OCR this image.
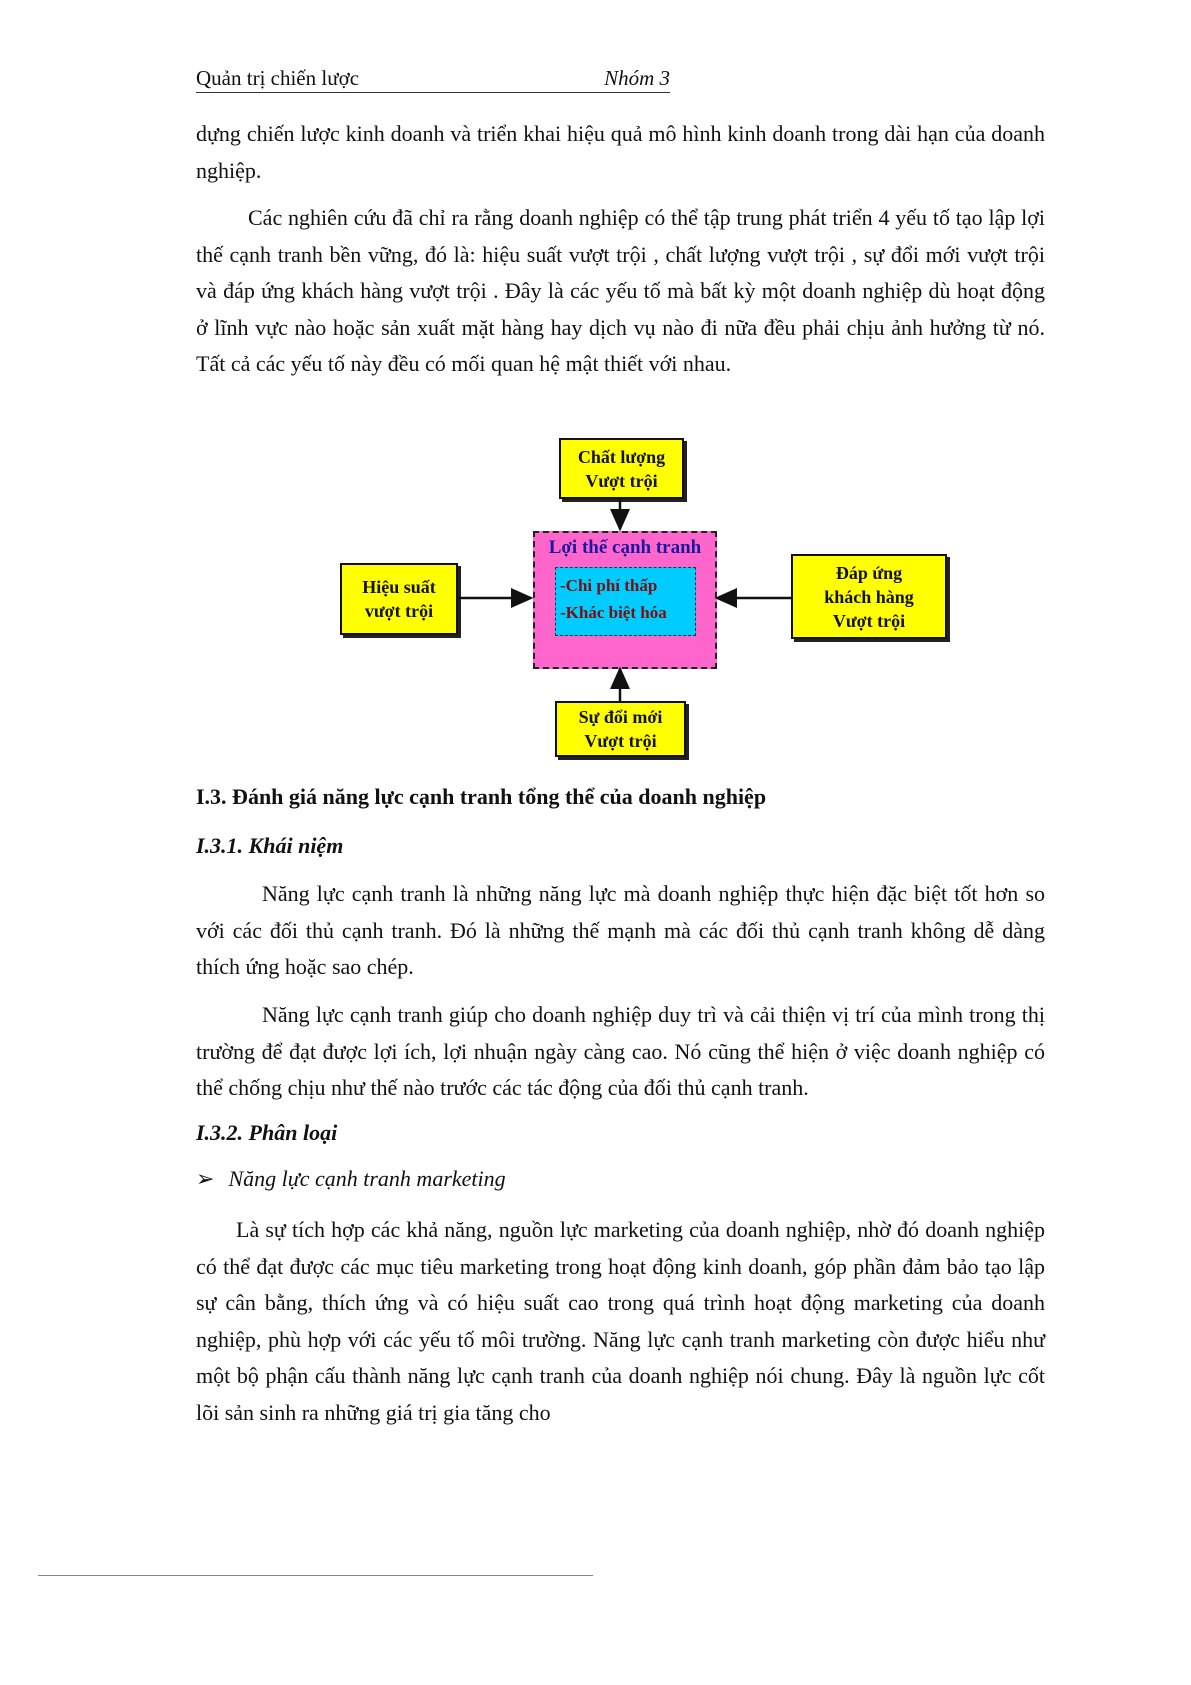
Quản trị chiến lược	Nhóm 3

dựng chiến lược kinh doanh và triển khai hiệu quả mô hình kinh doanh trong dài hạn của doanh nghiệp.

Các nghiên cứu đã chỉ ra rằng doanh nghiệp có thể tập trung phát triển 4 yếu tố tạo lập lợi thế cạnh tranh bền vững, đó là: hiệu suất vượt trội , chất lượng vượt trội , sự đổi mới vượt trội và đáp ứng khách hàng vượt trội . Đây là các yếu tố mà bất kỳ một doanh nghiệp dù hoạt động ở lĩnh vực nào hoặc sản xuất mặt hàng hay dịch vụ nào đi nữa đều phải chịu ảnh hưởng từ nó. Tất cả các yếu tố này đều có mối quan hệ mật thiết với nhau.

Chất lượng
Vượt trội
Hiệu suất
vượt trội
Đáp ứng
khách hàng
Vượt trội
Sự đổi mới
Vượt trội
Lợi thế cạnh tranh
-Chi phí thấp
-Khác biệt hóa
I.3. Đánh giá năng lực cạnh tranh tổng thể của doanh nghiệp
I.3.1. Khái niệm

Năng lực cạnh tranh là những năng lực mà doanh nghiệp thực hiện đặc biệt tốt hơn so với các đối thủ cạnh tranh. Đó là những thế mạnh mà các đối thủ cạnh tranh không dễ dàng thích ứng hoặc sao chép.

Năng lực cạnh tranh giúp cho doanh nghiệp duy trì và cải thiện vị trí của mình trong thị trường để đạt được lợi ích, lợi nhuận ngày càng cao. Nó cũng thể hiện ở việc doanh nghiệp có thể chống chịu như thế nào trước các tác động của đối thủ cạnh tranh.

I.3.2. Phân loại
➢ Năng lực cạnh tranh marketing

Là sự tích hợp các khả năng, nguồn lực marketing của doanh nghiệp, nhờ đó doanh nghiệp có thể đạt được các mục tiêu marketing trong hoạt động kinh doanh, góp phần đảm bảo tạo lập sự cân bằng, thích ứng và có hiệu suất cao trong quá trình hoạt động marketing của doanh nghiệp, phù hợp với các yếu tố môi trường. Năng lực cạnh tranh marketing còn được hiểu như một bộ phận cấu thành năng lực cạnh tranh của doanh nghiệp nói chung. Đây là nguồn lực cốt lõi sản sinh ra những giá trị gia tăng cho
